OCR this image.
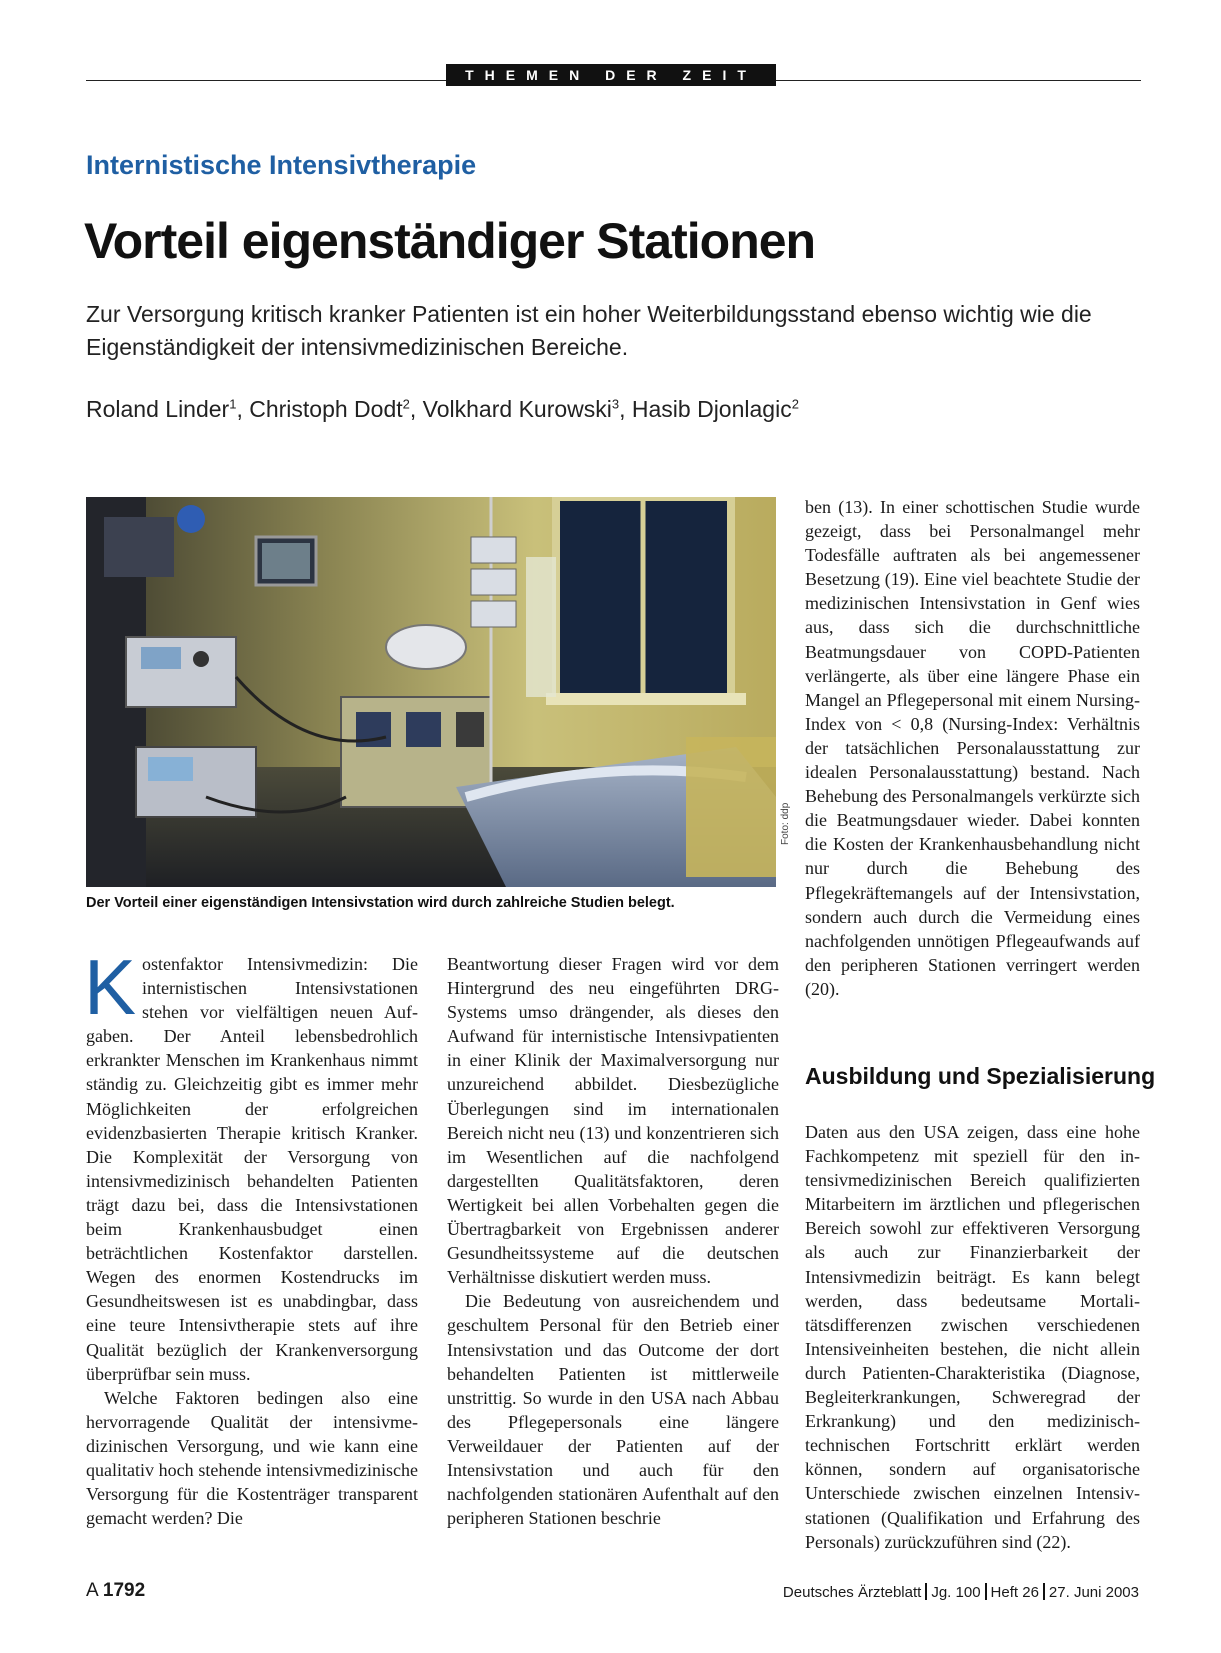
THEMEN DER ZEIT
Internistische Intensivtherapie
Vorteil eigenständiger Stationen
Zur Versorgung kritisch kranker Patienten ist ein hoher Weiterbildungsstand ebenso wichtig wie die Eigenständigkeit der intensivmedizinischen Bereiche.
Roland Linder$^1$, Christoph Dodt$^2$, Volkhard Kurowski$^3$, Hasib Djonlagic$^2$
Foto: ddp
Der Vorteil einer eigenständigen Intensivstation wird durch zahlreiche Studien belegt.

Kostenfaktor Intensivmedizin: Die internistischen Intensivstationen stehen vor vielfältigen neuen Aufgaben. Der Anteil lebensbedrohlich erkrankter Menschen im Krankenhaus nimmt ständig zu. Gleichzeitig gibt es immer mehr Möglichkeiten der erfolgreichen evidenzbasierten Therapie kritisch Kranker. Die Komplexität der Versorgung von intensivmedizinisch behandelten Patienten trägt dazu bei, dass die Intensivstationen beim Krankenhausbudget einen beträchtlichen Kostenfaktor darstellen. Wegen des enormen Kostendrucks im Gesundheitswesen ist es unabdingbar, dass eine teure Intensivtherapie stets auf ihre Qualität bezüglich der Krankenversorgung überprüfbar sein muss.

Welche Faktoren bedingen also eine hervorragende Qualität der intensivmedizinischen Versorgung, und wie kann eine qualitativ hoch stehende intensivmedizinische Versorgung für die Kostenträger transparent gemacht werden? Die

Beantwortung dieser Fragen wird vor dem Hintergrund des neu eingeführten DRG-Systems umso drängender, als dieses den Aufwand für internistische Intensivpatienten in einer Klinik der Maximalversorgung nur unzureichend abbildet. Diesbezügliche Überlegungen sind im internationalen Bereich nicht neu (13) und konzentrieren sich im Wesentlichen auf die nachfolgend dargestellten Qualitätsfaktoren, deren Wertigkeit bei allen Vorbehalten gegen die Übertragbarkeit von Ergebnissen anderer Gesundheitssysteme auf die deutschen Verhältnisse diskutiert werden muss.

Die Bedeutung von ausreichendem und geschultem Personal für den Betrieb einer Intensivstation und das Outcome der dort behandelten Patienten ist mittlerweile unstrittig. So wurde in den USA nach Abbau des Pflegepersonals eine längere Verweildauer der Patienten auf der Intensivstation und auch für den nachfolgenden stationären Aufenthalt auf den peripheren Stationen beschrie

ben (13). In einer schottischen Studie wurde gezeigt, dass bei Personalmangel mehr Todesfälle auftraten als bei angemessener Besetzung (19). Eine viel beachtete Studie der medizinischen Intensivstation in Genf wies aus, dass sich die durchschnittliche Beatmungsdauer von COPD-Patienten verlängerte, als über eine längere Phase ein Mangel an Pflegepersonal mit einem Nursing-Index von < 0,8 (Nursing-Index: Verhältnis der tatsächlichen Personalausstattung zur idealen Personalausstattung) bestand. Nach Behebung des Personalmangels verkürzte sich die Beatmungsdauer wieder. Dabei konnten die Kosten der Krankenhausbehandlung nicht nur durch die Behebung des Pflegekräftemangels auf der Intensivstation, sondern auch durch die Vermeidung eines nachfolgenden unnötigen Pflegeaufwands auf den peripheren Stationen verringert werden (20).

Ausbildung und Spezialisierung

Daten aus den USA zeigen, dass eine hohe Fachkompetenz mit speziell für den intensivmedizinischen Bereich qualifizierten Mitarbeitern im ärztlichen und pflegerischen Bereich sowohl zur effektiveren Versorgung als auch zur Finanzierbarkeit der Intensivmedizin beiträgt. Es kann belegt werden, dass bedeutsame Mortalitätsdifferenzen zwischen verschiedenen Intensiveinheiten bestehen, die nicht allein durch Patienten-Charakteristika (Diagnose, Begleiterkrankungen, Schweregrad der Erkrankung) und den medizinisch-technischen Fortschritt erklärt werden können, sondern auf organisatorische Unterschiede zwischen einzelnen Intensivstationen (Qualifikation und Erfahrung des Personals) zurückzuführen sind (22).

A 1792	Deutsches Ärzteblatt Jg. 100 Heft 26 27. Juni 2003
